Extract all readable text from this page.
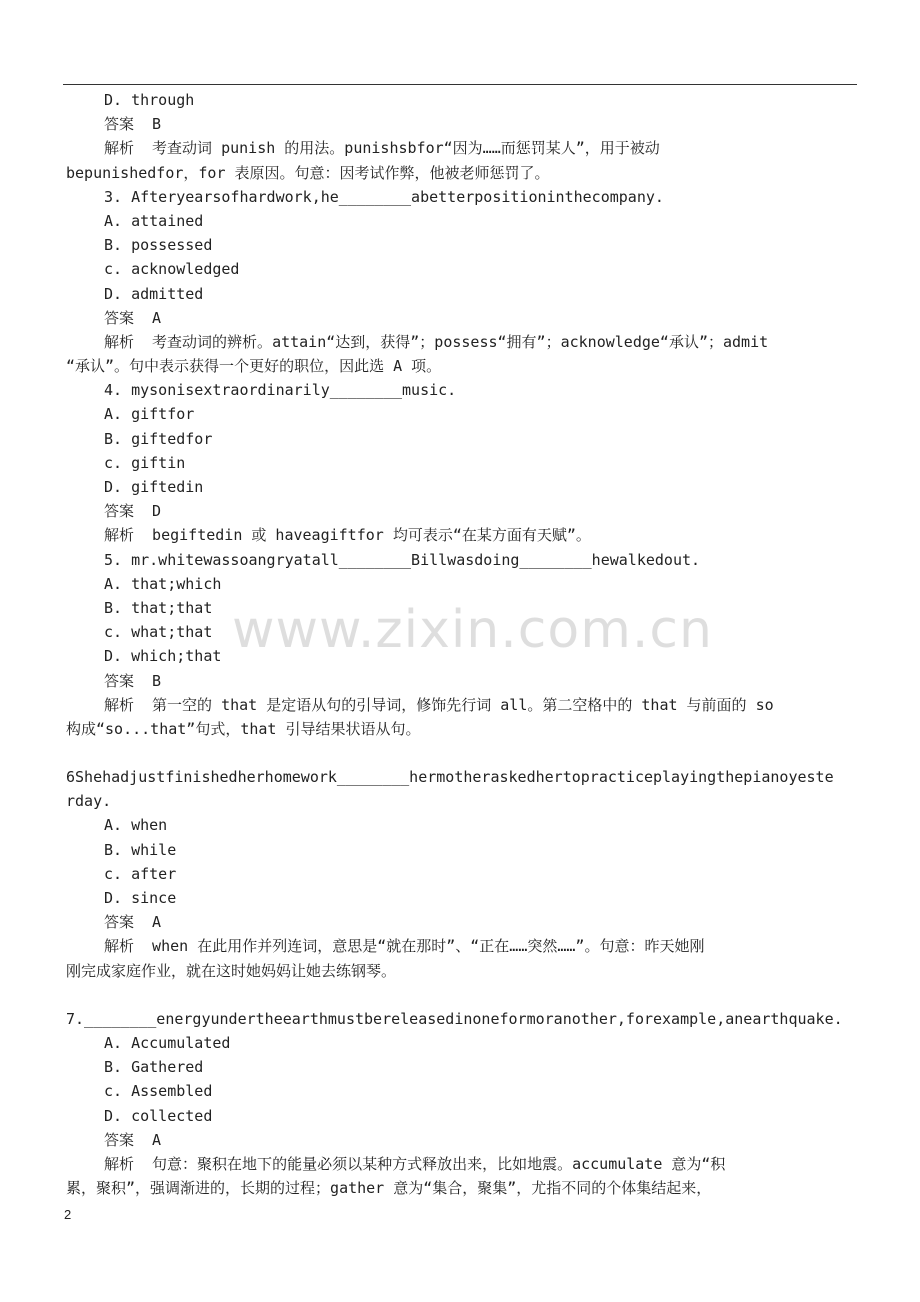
D. through
答案  B
解析  考查动词 punish 的用法。punishsbfor“因为……而惩罚某人”，用于被动
bepunishedfor，for 表原因。句意：因考试作弊，他被老师惩罚了。
3. Afteryearsofhardwork,he________abetterpositioninthecompany.
A. attained
B. possessed
c. acknowledged
D. admitted
答案  A
解析  考查动词的辨析。attain“达到，获得”；possess“拥有”；acknowledge“承认”；admit
“承认”。句中表示获得一个更好的职位，因此选 A 项。
4. mysonisextraordinarily________music.
A. giftfor
B. giftedfor
c. giftin
D. giftedin
答案  D
解析  begiftedin 或 haveagiftfor 均可表示“在某方面有天赋”。
5. mr.whitewassoangryatall________Billwasdoing________hewalkedout.
A. that;which
B. that;that
c. what;that
D. which;that
答案  B
解析  第一空的 that 是定语从句的引导词，修饰先行词 all。第二空格中的 that 与前面的 so
构成“so...that”句式，that 引导结果状语从句。
6Shehadjustfinishedherhomework________hermotheraskedhertopracticeplayingthepianoyeste
rday.
A. when
B. while
c. after
D. since
答案  A
解析  when 在此用作并列连词，意思是“就在那时”、“正在……突然……”。句意：昨天她刚
刚完成家庭作业，就在这时她妈妈让她去练钢琴。
7.________energyundertheearthmustbereleasedinoneformoranother,forexample,anearthquake.
A. Accumulated
B. Gathered
c. Assembled
D. collected
答案  A
解析  句意：聚积在地下的能量必须以某种方式释放出来，比如地震。accumulate 意为“积
累，聚积”，强调渐进的，长期的过程；gather 意为“集合，聚集”，尤指不同的个体集结起来，
www.zixin.com.cn
2
